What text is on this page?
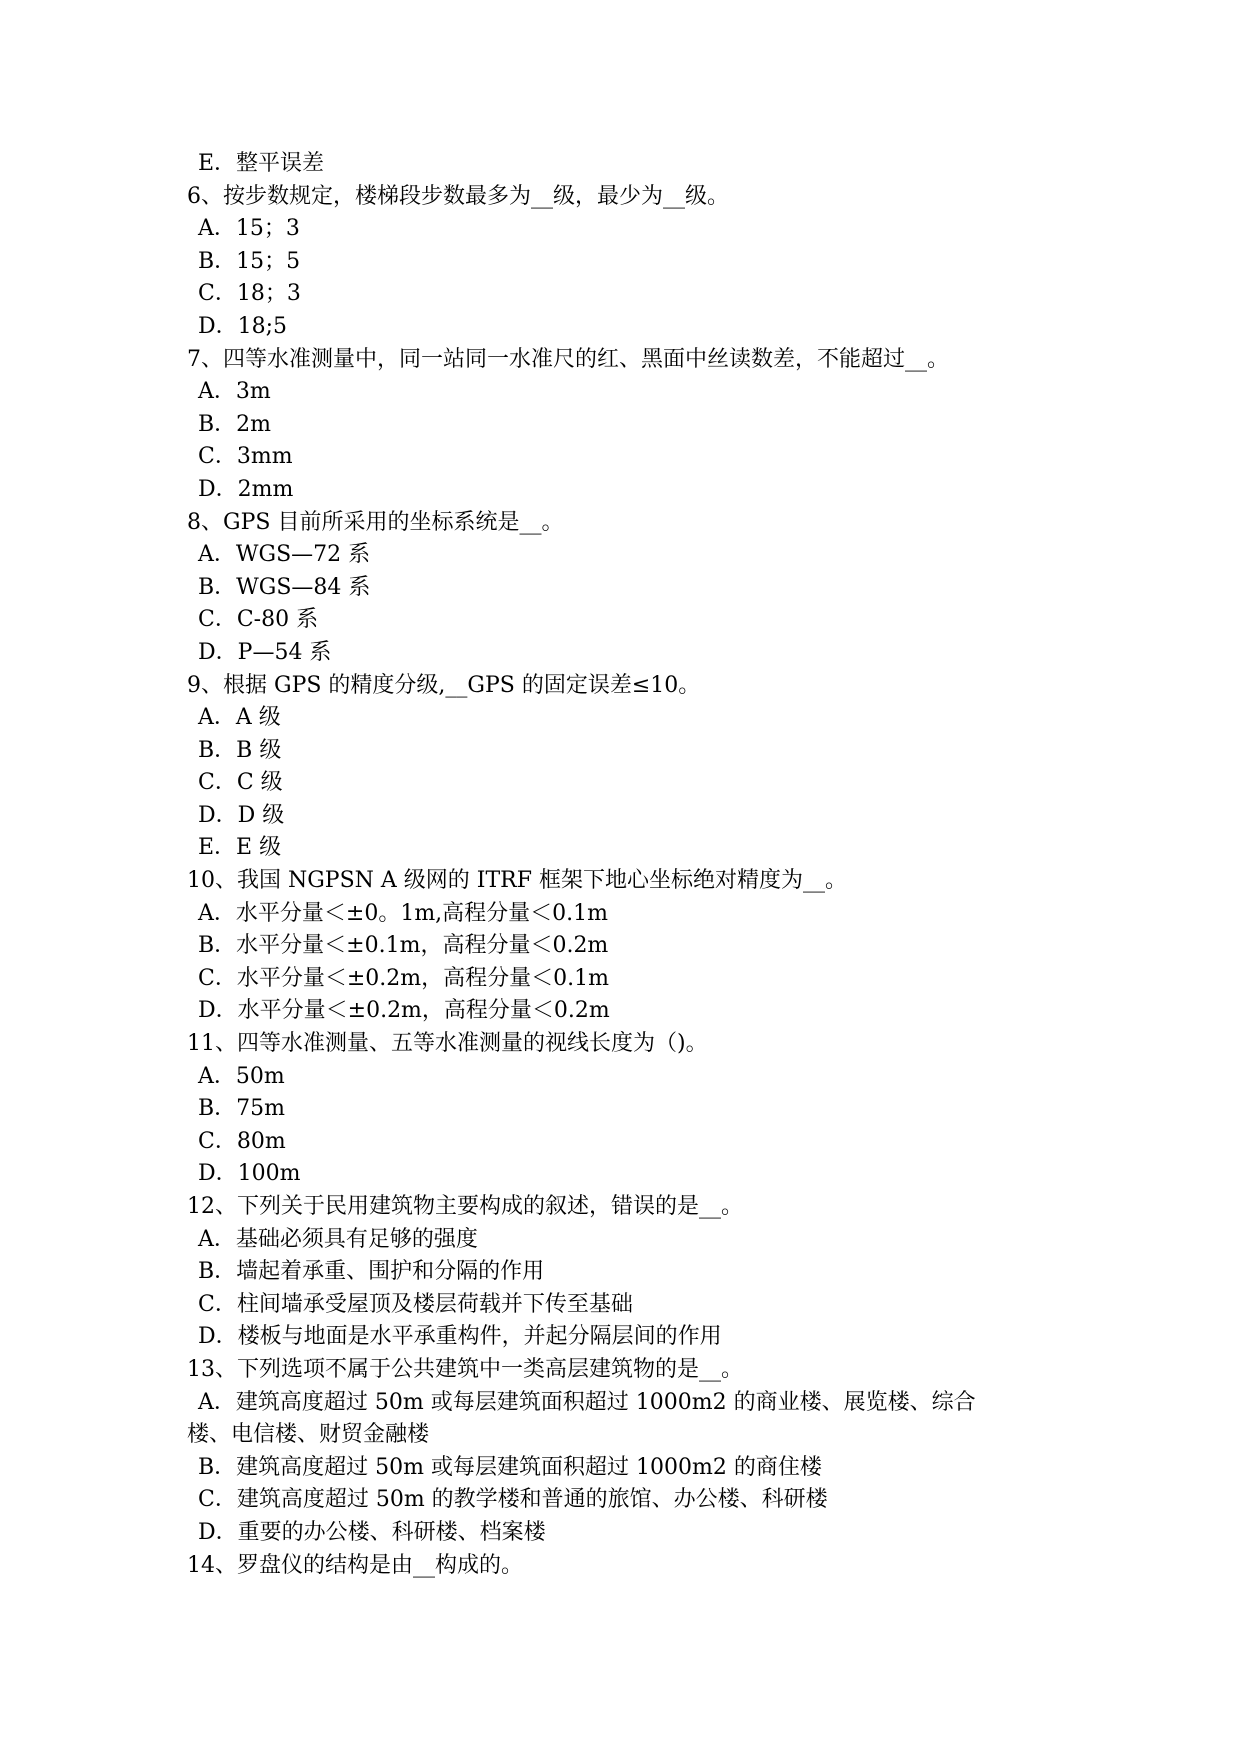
E．整平误差
6、按步数规定，楼梯段步数最多为__级，最少为__级。
A．15；3
B．15；5
C．18；3
D．18;5
7、四等水准测量中，同一站同一水准尺的红、黑面中丝读数差，不能超过__。
A．3m
B．2m
C．3mm
D．2mm
8、GPS 目前所采用的坐标系统是__。
A．WGS—72 系
B．WGS—84 系
C．C-80 系
D．P—54 系
9、根据 GPS 的精度分级,__GPS 的固定误差≤10。
A．A 级
B．B 级
C．C 级
D．D 级
E．E 级
10、我国 NGPSN A 级网的 ITRF 框架下地心坐标绝对精度为__。
A．水平分量＜±0。1m,高程分量＜0.1m
B．水平分量＜±0.1m，高程分量＜0.2m
C．水平分量＜±0.2m，高程分量＜0.1m
D．水平分量＜±0.2m，高程分量＜0.2m
11、四等水准测量、五等水准测量的视线长度为（)。
A．50m
B．75m
C．80m
D．100m
12、下列关于民用建筑物主要构成的叙述，错误的是__。
A．基础必须具有足够的强度
B．墙起着承重、围护和分隔的作用
C．柱间墙承受屋顶及楼层荷载并下传至基础
D．楼板与地面是水平承重构件，并起分隔层间的作用
13、下列选项不属于公共建筑中一类高层建筑物的是__。
A．建筑高度超过 50m 或每层建筑面积超过 1000m2 的商业楼、展览楼、综合
楼、电信楼、财贸金融楼
B．建筑高度超过 50m 或每层建筑面积超过 1000m2 的商住楼
C．建筑高度超过 50m 的教学楼和普通的旅馆、办公楼、科研楼
D．重要的办公楼、科研楼、档案楼
14、罗盘仪的结构是由__构成的。
